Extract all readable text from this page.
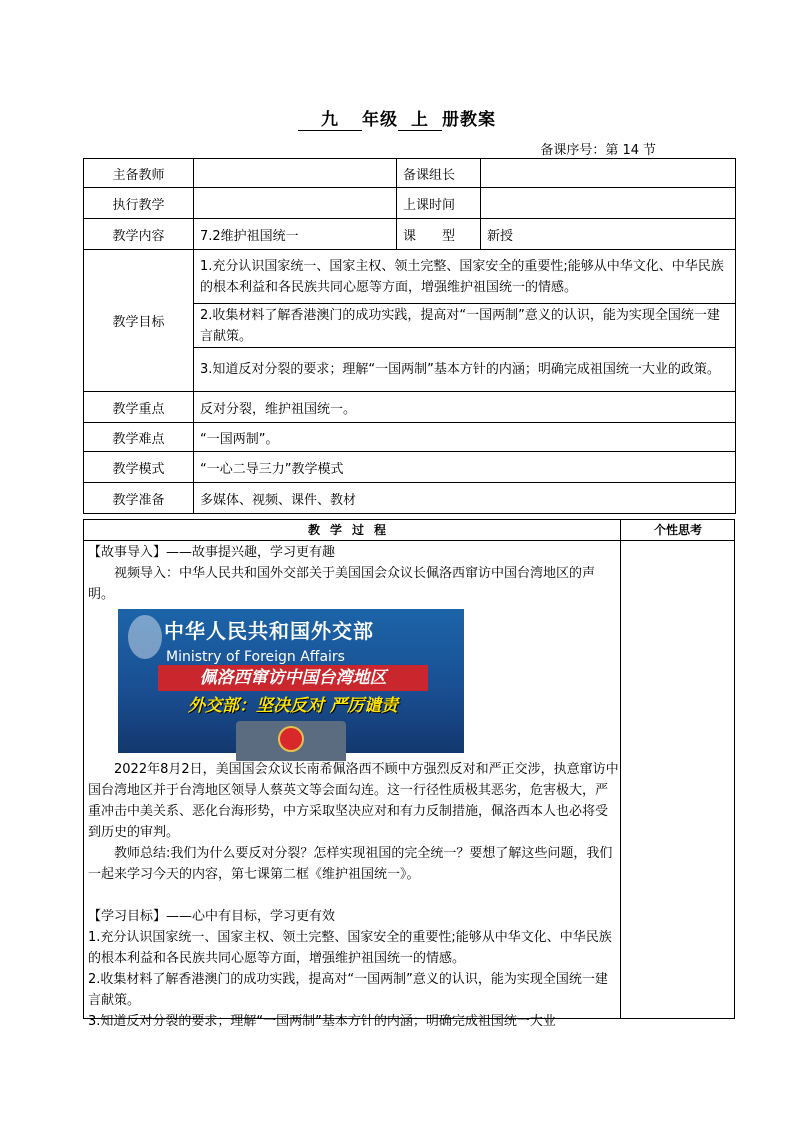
九 年级 上 册教案
备课序号：第 14 节
主备教师		备课组长	
执行教学		上课时间	
教学内容	7.2维护祖国统一	课　　型	新授
教学目标	1.充分认识国家统一、国家主权、领土完整、国家安全的重要性;能够从中华文化、中华民族的根本利益和各民族共同心愿等方面，增强维护祖国统一的情感。		
	2.收集材料了解香港澳门的成功实践，提高对“一国两制”意义的认识，能为实现全国统一建言献策。		
	3.知道反对分裂的要求；理解“一国两制”基本方针的内涵；明确完成祖国统一大业的政策。		
教学重点	反对分裂，维护祖国统一。		
教学难点	“一国两制”。		
教学模式	“一心二导三力”教学模式		
教学准备	多媒体、视频、课件、教材		
教学过程	个性思考

【故事导入】——故事提兴趣，学习更有趣

视频导入：中华人民共和国外交部关于美国国会众议长佩洛西窜访中国台湾地区的声明。

中华人民共和国外交部
Ministry of Foreign Affairs
佩洛西窜访中国台湾地区
外交部：坚决反对 严厉谴责

2022年8月2日，美国国会众议长南希佩洛西不顾中方强烈反对和严正交涉，执意窜访中国台湾地区并于台湾地区领导人蔡英文等会面勾连。这一行径性质极其恶劣，危害极大，严重冲击中美关系、恶化台海形势，中方采取坚决应对和有力反制措施，佩洛西本人也必将受到历史的审判。

教师总结:我们为什么要反对分裂？怎样实现祖国的完全统一？要想了解这些问题，我们一起来学习今天的内容，第七课第二框《维护祖国统一》。

【学习目标】——心中有目标，学习更有效

1.充分认识国家统一、国家主权、领土完整、国家安全的重要性;能够从中华文化、中华民族的根本利益和各民族共同心愿等方面，增强维护祖国统一的情感。

2.收集材料了解香港澳门的成功实践，提高对“一国两制”意义的认识，能为实现全国统一建言献策。

3.知道反对分裂的要求；理解“一国两制”基本方针的内涵；明确完成祖国统一大业
